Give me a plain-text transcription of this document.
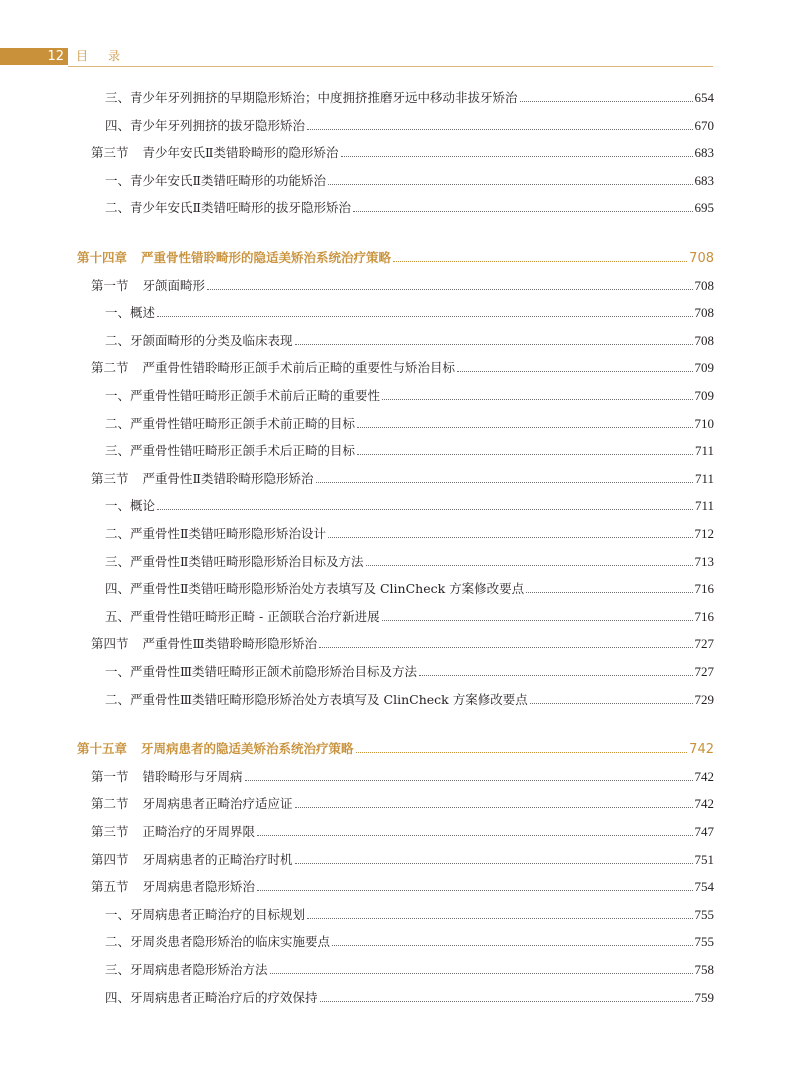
12	目录
三、青少年牙列拥挤的早期隐形矫治；中度拥挤推磨牙远中移动非拔牙矫治	654
四、青少年牙列拥挤的拔牙隐形矫治	670
第三节 青少年安氏Ⅱ类错聆畸形的隐形矫治	683
一、青少年安氏Ⅱ类错㕵畸形的功能矫治	683
二、青少年安氏Ⅱ类错㕵畸形的拔牙隐形矫治	695
第十四章 严重骨性错聆畸形的隐适美矫治系统治疗策略	708
第一节 牙颌面畸形	708
一、概述	708
二、牙颌面畸形的分类及临床表现	708
第二节 严重骨性错聆畸形正颌手术前后正畸的重要性与矫治目标	709
一、严重骨性错㕵畸形正颌手术前后正畸的重要性	709
二、严重骨性错㕵畸形正颌手术前正畸的目标	710
三、严重骨性错㕵畸形正颌手术后正畸的目标	711
第三节 严重骨性Ⅱ类错聆畸形隐形矫治	711
一、概论	711
二、严重骨性Ⅱ类错㕵畸形隐形矫治设计	712
三、严重骨性Ⅱ类错㕵畸形隐形矫治目标及方法	713
四、严重骨性Ⅱ类错㕵畸形隐形矫治处方表填写及 ClinCheck 方案修改要点	716
五、严重骨性错㕵畸形正畸 - 正颌联合治疗新进展	716
第四节 严重骨性Ⅲ类错聆畸形隐形矫治	727
一、严重骨性Ⅲ类错㕵畸形正颌术前隐形矫治目标及方法	727
二、严重骨性Ⅲ类错㕵畸形隐形矫治处方表填写及 ClinCheck 方案修改要点	729
第十五章 牙周病患者的隐适美矫治系统治疗策略	742
第一节 错聆畸形与牙周病	742
第二节 牙周病患者正畸治疗适应证	742
第三节 正畸治疗的牙周界限	747
第四节 牙周病患者的正畸治疗时机	751
第五节 牙周病患者隐形矫治	754
一、牙周病患者正畸治疗的目标规划	755
二、牙周炎患者隐形矫治的临床实施要点	755
三、牙周病患者隐形矫治方法	758
四、牙周病患者正畸治疗后的疗效保持	759
